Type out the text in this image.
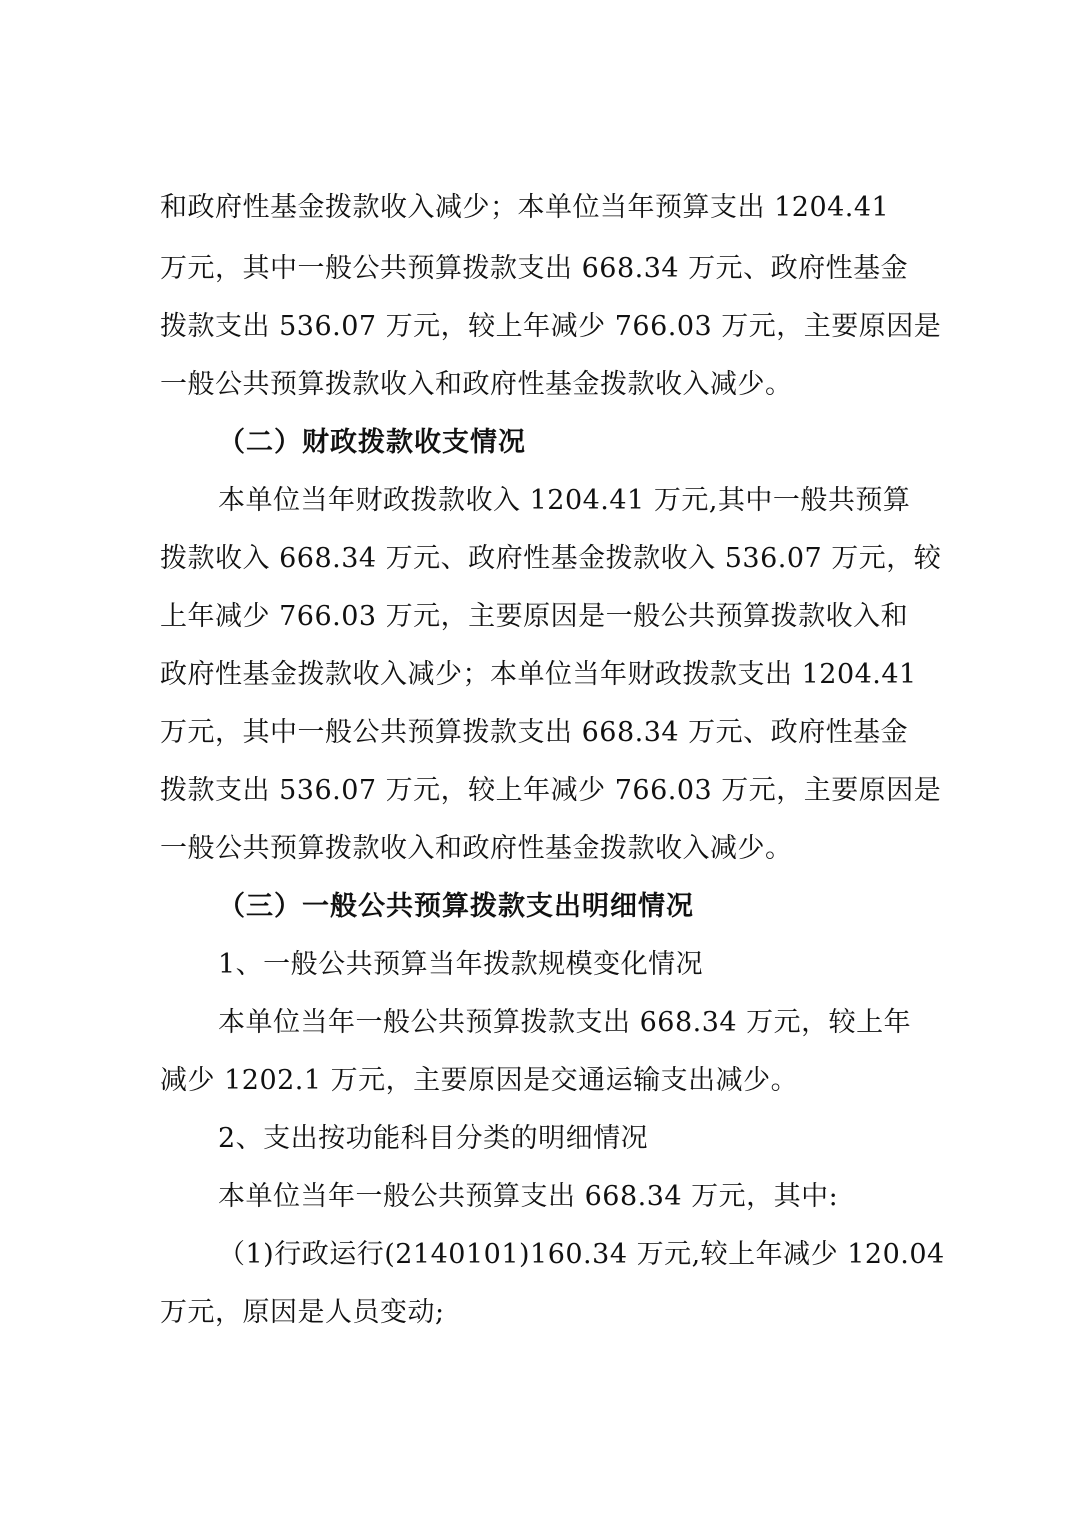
和政府性基金拨款收入减少；本单位当年预算支出 1204.41
万元，其中一般公共预算拨款支出 668.34 万元、政府性基金
拨款支出 536.07 万元，较上年减少 766.03 万元，主要原因是
一般公共预算拨款收入和政府性基金拨款收入减少。
（二）财政拨款收支情况
本单位当年财政拨款收入 1204.41 万元,其中一般共预算
拨款收入 668.34 万元、政府性基金拨款收入 536.07 万元，较
上年减少 766.03 万元，主要原因是一般公共预算拨款收入和
政府性基金拨款收入减少；本单位当年财政拨款支出 1204.41
万元，其中一般公共预算拨款支出 668.34 万元、政府性基金
拨款支出 536.07 万元，较上年减少 766.03 万元，主要原因是
一般公共预算拨款收入和政府性基金拨款收入减少。
（三）一般公共预算拨款支出明细情况
1、一般公共预算当年拨款规模变化情况
本单位当年一般公共预算拨款支出 668.34 万元，较上年
减少 1202.1 万元，主要原因是交通运输支出减少。
2、支出按功能科目分类的明细情况
本单位当年一般公共预算支出 668.34 万元，其中:
（1)行政运行(2140101)160.34 万元,较上年减少 120.04
万元，原因是人员变动;
